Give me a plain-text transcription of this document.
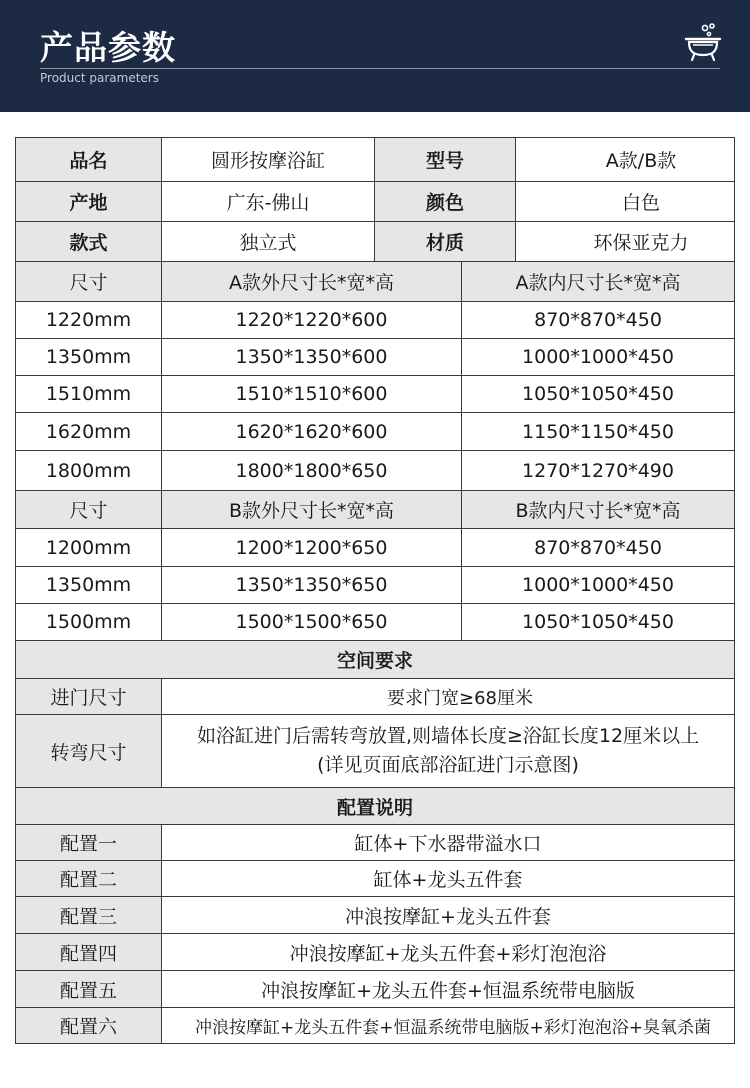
产品参数
Product parameters
品名	圆形按摩浴缸	型号		A款/B款
产地	广东-佛山	颜色		白色
款式	独立式	材质		环保亚克力
尺寸	A款外尺寸长*宽*高		A款内尺寸长*宽*高	
1220mm	1220*1220*600		870*870*450	
1350mm	1350*1350*600		1000*1000*450	
1510mm	1510*1510*600		1050*1050*450	
1620mm	1620*1620*600		1150*1150*450	
1800mm	1800*1800*650		1270*1270*490	
尺寸	B款外尺寸长*宽*高		B款内尺寸长*宽*高	
1200mm	1200*1200*650		870*870*450	
1350mm	1350*1350*650		1000*1000*450	
1500mm	1500*1500*650		1050*1050*450	
空间要求				
进门尺寸	要求门宽≥68厘米			
转弯尺寸	如浴缸进门后需转弯放置,则墙体长度≥浴缸长度12厘米以上
(详见页面底部浴缸进门示意图)			

配置说明				
配置一	缸体+下水器带溢水口			
配置二	缸体+龙头五件套			
配置三	冲浪按摩缸+龙头五件套			
配置四	冲浪按摩缸+龙头五件套+彩灯泡泡浴			
配置五	冲浪按摩缸+龙头五件套+恒温系统带电脑版			
配置六	冲浪按摩缸+龙头五件套+恒温系统带电脑版+彩灯泡泡浴+臭氧杀菌			
